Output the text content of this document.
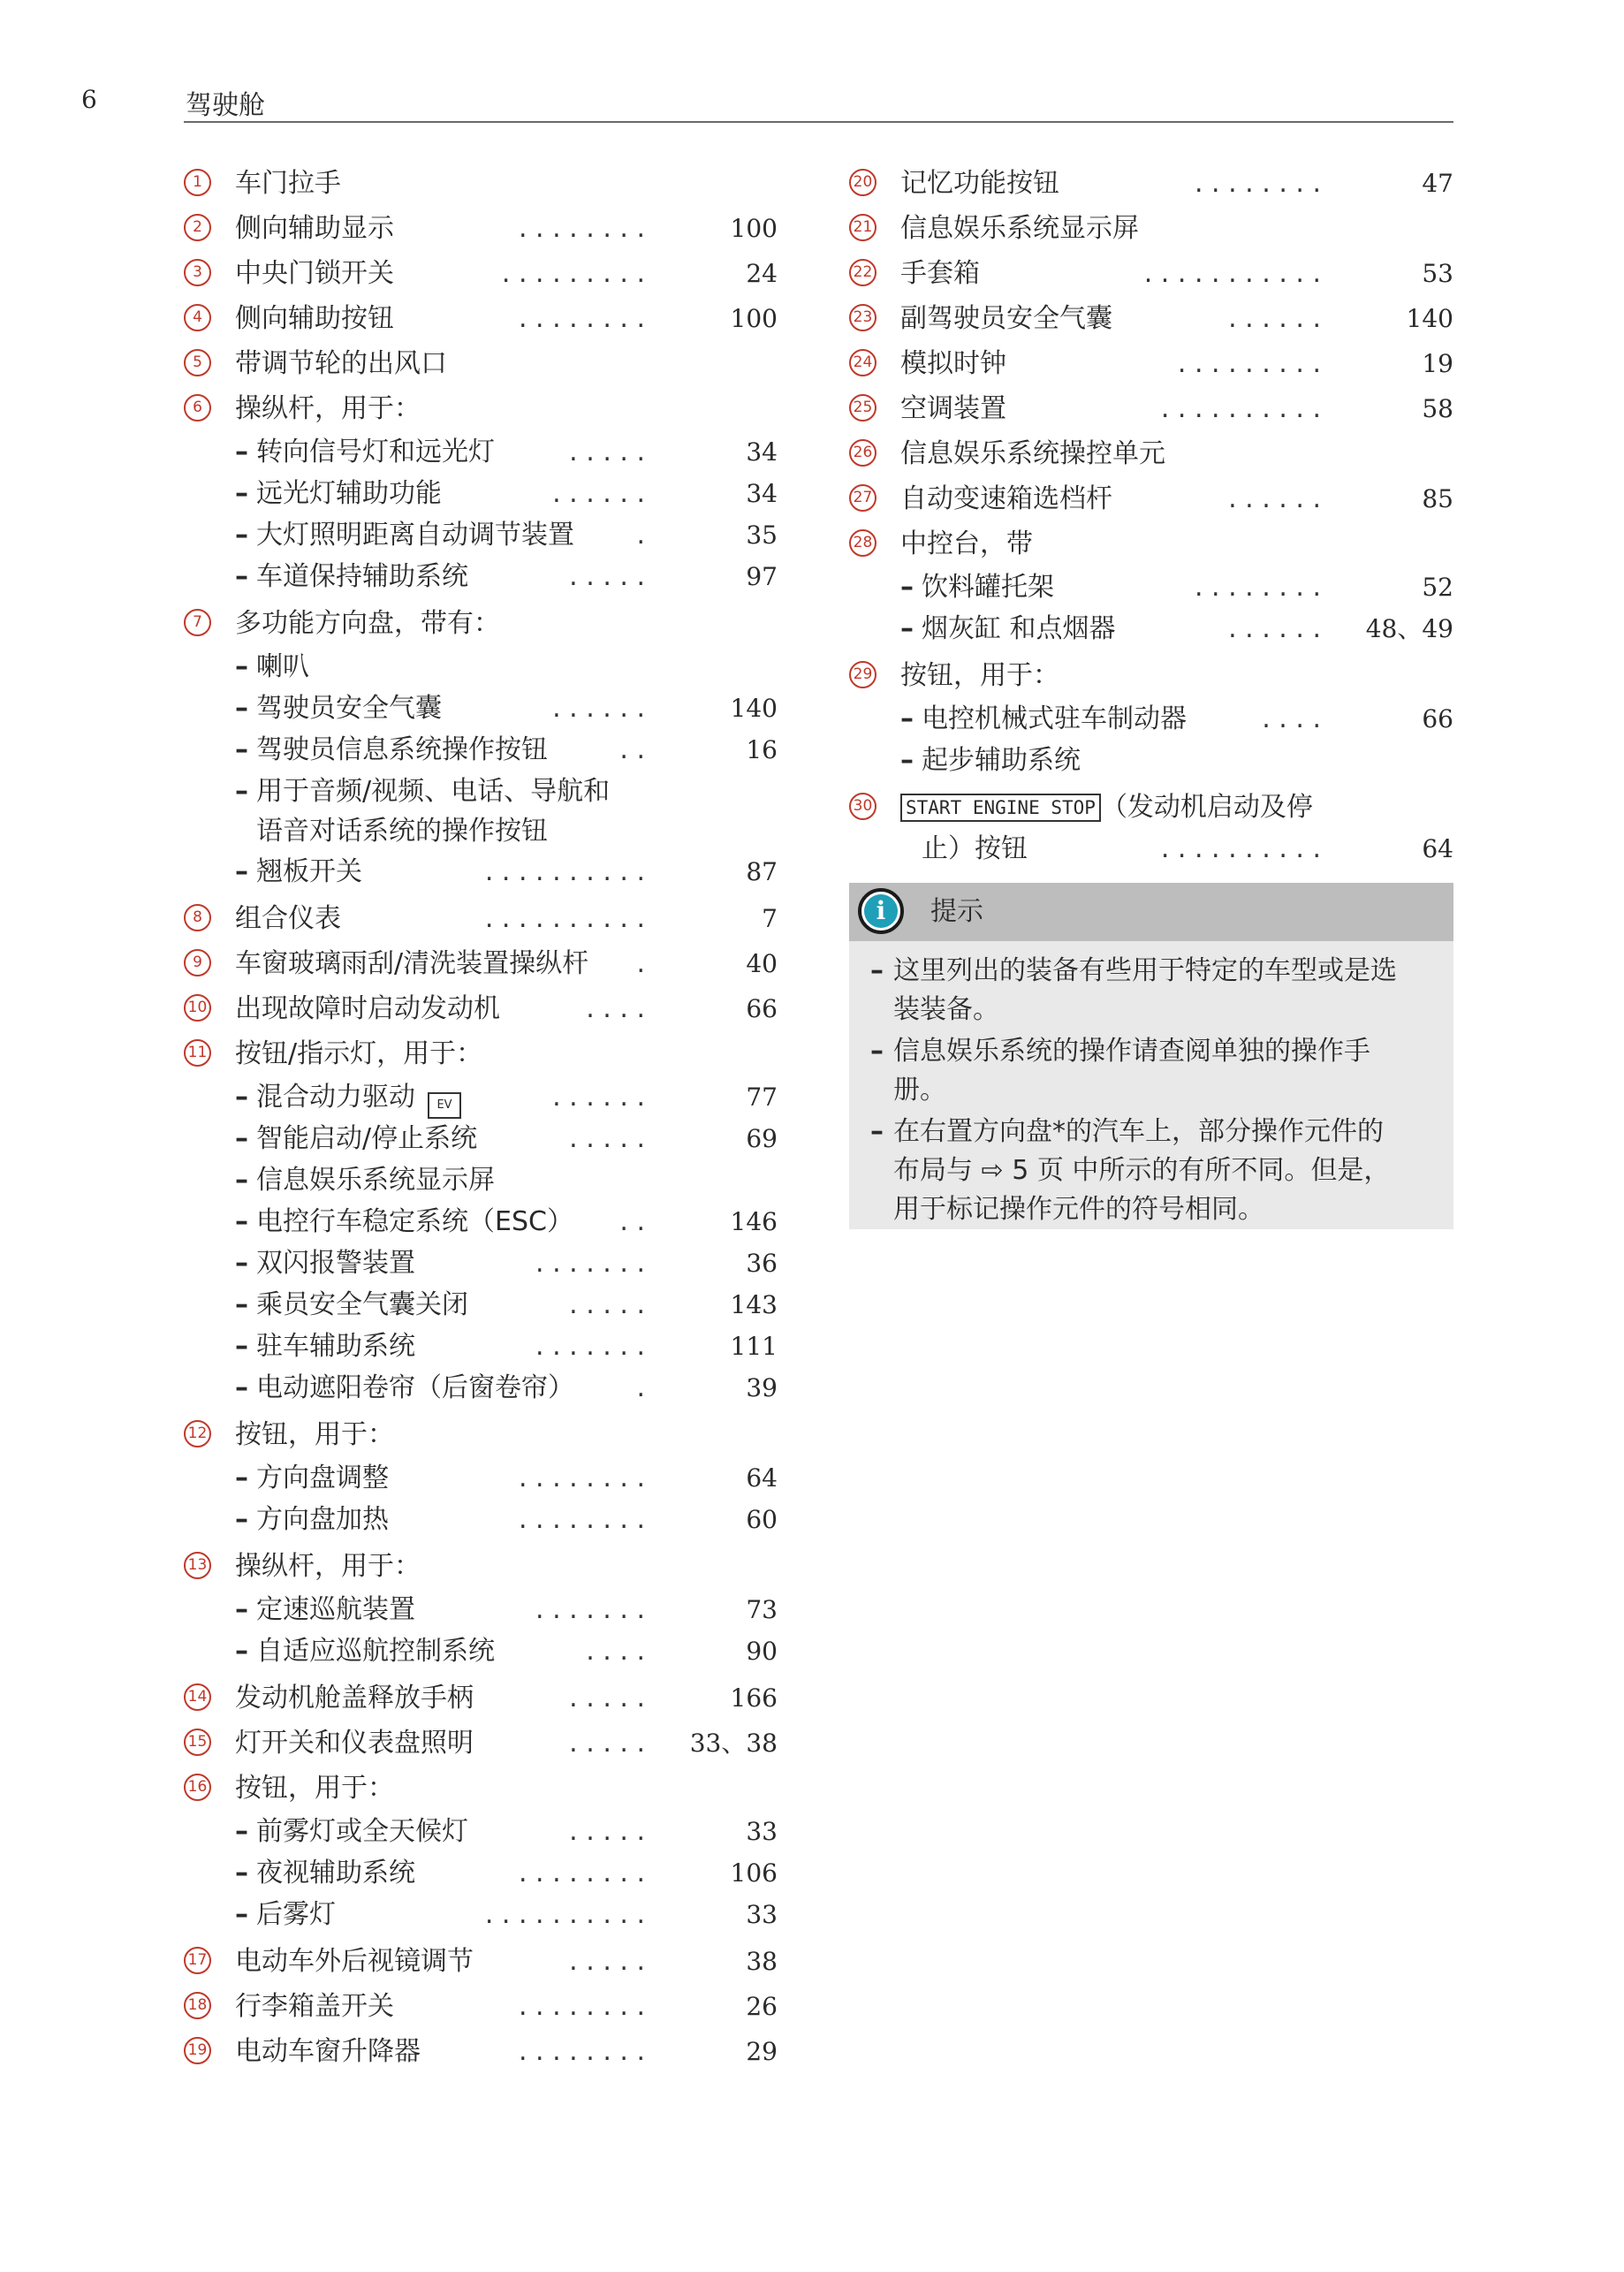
6	驾驶舱
1	车门拉手
2	侧向辅助显示	. . . . . . . .	100
3	中央门锁开关	. . . . . . . . .	24
4	侧向辅助按钮	. . . . . . . .	100
5	带调节轮的出风口
6	操纵杆，用于：
– 转向信号灯和远光灯	. . . . .	34
– 远光灯辅助功能	. . . . . .	34
– 大灯照明距离自动调节装置 .	35
– 车道保持辅助系统	. . . . .	97
7	多功能方向盘，带有：
– 喇叭
– 驾驶员安全气囊	. . . . . .	140
– 驾驶员信息系统操作按钮	. .	16
– 用于音频/视频、电话、导航和
语音对话系统的操作按钮
– 翘板开关	. . . . . . . . . .	87
8	组合仪表	. . . . . . . . . .	7
9	车窗玻璃雨刮/清洗装置操纵杆 .	40
10 出现故障时启动发动机	. . . .	66
11 按钮/指示灯，用于：
– 混合动力驱动 EV	. . . . . .	77
– 智能启动/停止系统	. . . . .	69
– 信息娱乐系统显示屏
– 电控行车稳定系统（ESC） . .	146
– 双闪报警装置	. . . . . . .	36
– 乘员安全气囊关闭	. . . . .	143
– 驻车辅助系统	. . . . . . .	111
– 电动遮阳卷帘（后窗卷帘） .	39
12 按钮，用于：
– 方向盘调整	. . . . . . . .	64
– 方向盘加热	. . . . . . . .	60
13 操纵杆，用于：
– 定速巡航装置	. . . . . . .	73
– 自适应巡航控制系统	. . . .	90
14 发动机舱盖释放手柄	. . . . .	166
15 灯开关和仪表盘照明	. . . . . 33、38
16 按钮，用于：
– 前雾灯或全天候灯	. . . . .	33
– 夜视辅助系统	. . . . . . . .	106
– 后雾灯	. . . . . . . . . .	33
17 电动车外后视镜调节	. . . . .	38
18 行李箱盖开关	. . . . . . . .	26
19 电动车窗升降器	. . . . . . . .	29
20 记忆功能按钮	. . . . . . . .	47
21 信息娱乐系统显示屏
22 手套箱	. . . . . . . . . . .	53
23 副驾驶员安全气囊	. . . . . .	140
24 模拟时钟	. . . . . . . . .	19
25 空调装置	. . . . . . . . . .	58
26 信息娱乐系统操控单元
27 自动变速箱选档杆	. . . . . .	85
28 中控台，带
– 饮料罐托架	. . . . . . . .	52
– 烟灰缸 和点烟器	. . . . . . 48、49
29 按钮，用于：
– 电控机械式驻车制动器	. . . .	66
– 起步辅助系统
30 START ENGINE STOP （发动机启动及停
止）按钮	. . . . . . . . . .	64
i	提示
– 这里列出的装备有些用于特定的车型或是选
装装备。
– 信息娱乐系统的操作请查阅单独的操作手
册。
– 在右置方向盘*的汽车上，部分操作元件的
布局与 ⇨ 5 页 中所示的有所不同。但是，
用于标记操作元件的符号相同。
